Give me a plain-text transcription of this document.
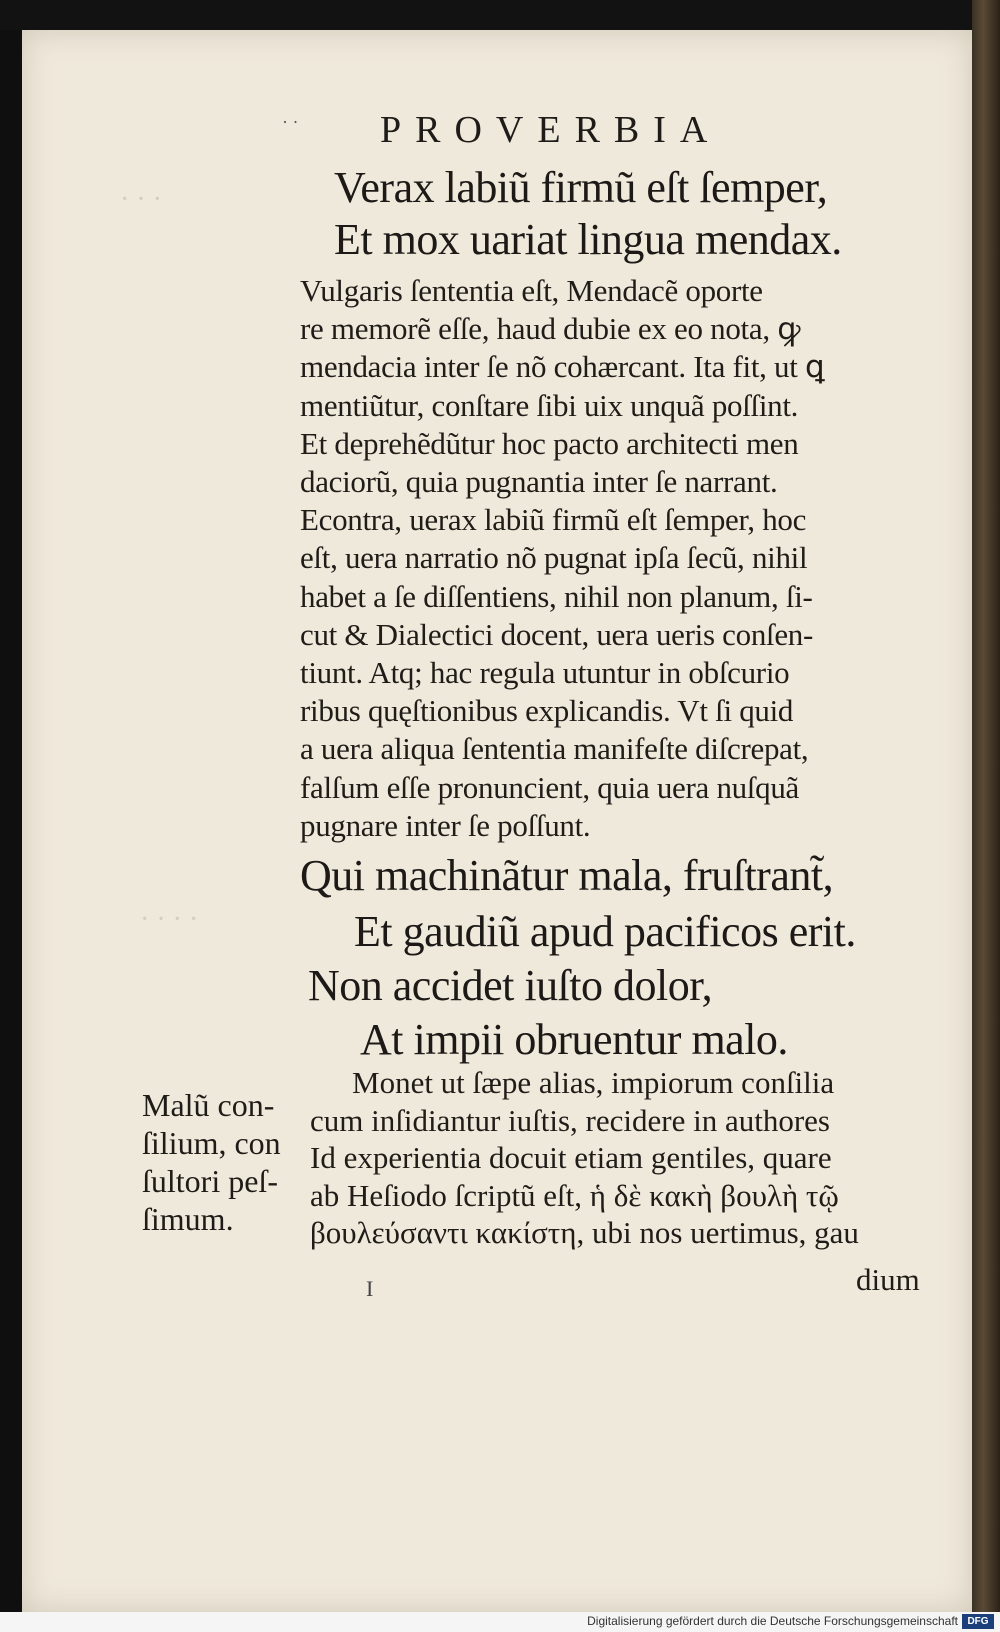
· · ·
· · · ·
· · PROVERBIA
Verax labiũ firmũ eſt ſemper,
Et mox uariat lingua mendax.
Vulgaris ſententia eſt, Mendacẽ oporte
re memorẽ eſſe, haud dubie ex eo nota, ꝙ
mendacia inter ſe nõ cohærcant. Ita fit, ut ꝗ
mentiũtur, conſtare ſibi uix unquã poſſint.
Et deprehẽdũtur hoc pacto architecti men
daciorũ, quia pugnantia inter ſe narrant.
Econtra, uerax labiũ firmũ eſt ſemper, hoc
eſt, uera narratio nõ pugnat ipſa ſecũ, nihil
habet a ſe diſſentiens, nihil non planum, ſi-
cut & Dialectici docent, uera ueris conſen-
tiunt. Atq; hac regula utuntur in obſcurio
ribus quęſtionibus explicandis. Vt ſi quid
a uera aliqua ſententia manifeſte diſcrepat,
falſum eſſe pronuncient, quia uera nuſquã
pugnare inter ſe poſſunt.
Qui machinãtur mala, fruſtrant̃,
Et gaudiũ apud pacificos erit.
Non accidet iuſto dolor,
At impii obruentur malo.
Monet ut ſæpe alias, impiorum conſilia
cum inſidiantur iuſtis, recidere in authores
Id experientia docuit etiam gentiles, quare
ab Heſiodo ſcriptũ eſt, ἡ δὲ κακὴ βουλὴ τῷ
βουλεύσαντι κακίστη, ubi nos uertimus, gau
Malũ con-
ſilium, con
ſultori peſ-
ſimum.
I	dium
Digitalisierung gefördert durch die Deutsche Forschungsgemeinschaft DFG
